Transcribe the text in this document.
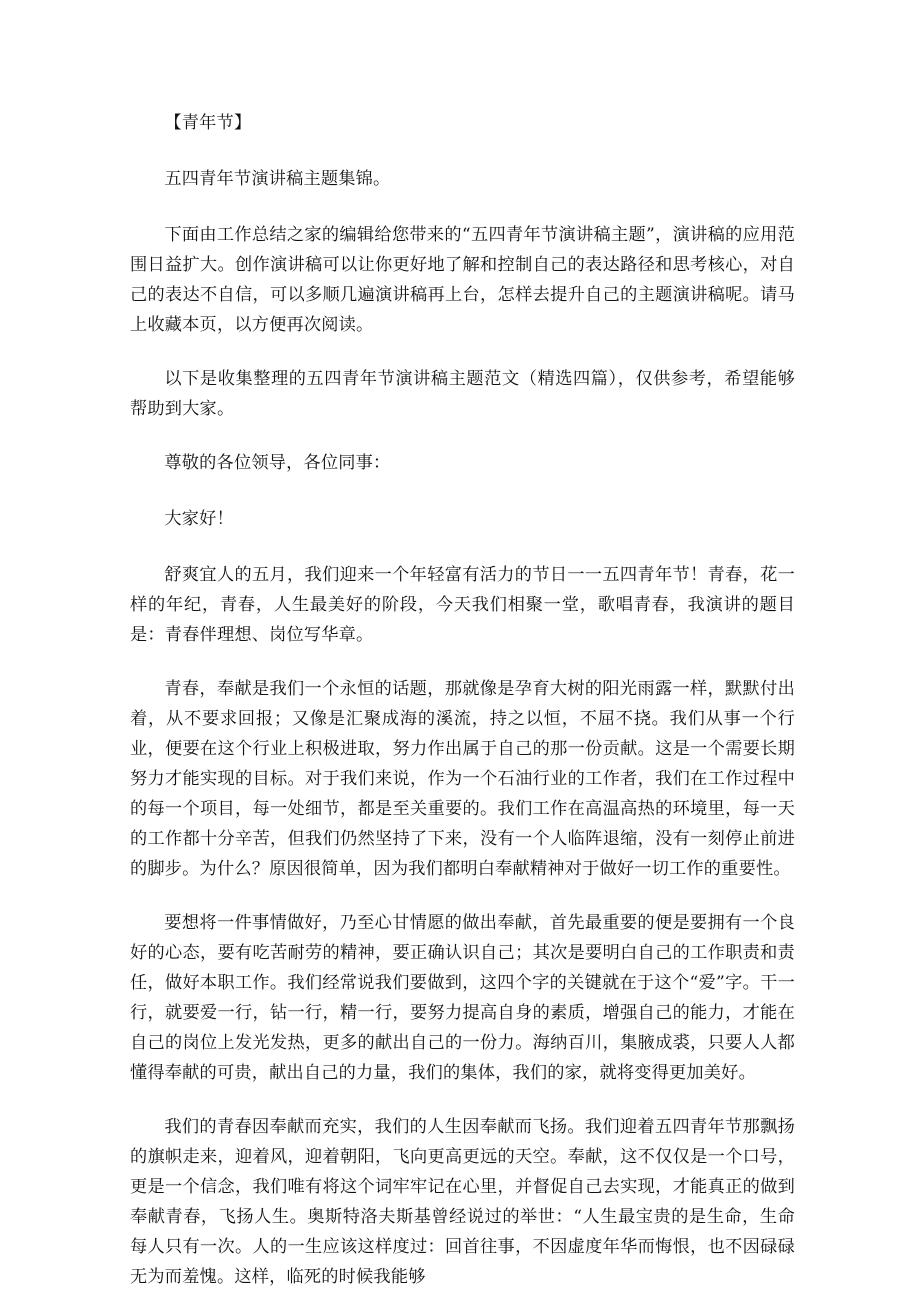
【青年节】

五四青年节演讲稿主题集锦。

下面由工作总结之家的编辑给您带来的“五四青年节演讲稿主题”，演讲稿的应用范围日益扩大。创作演讲稿可以让你更好地了解和控制自己的表达路径和思考核心，对自己的表达不自信，可以多顺几遍演讲稿再上台，怎样去提升自己的主题演讲稿呢。请马上收藏本页，以方便再次阅读。

以下是收集整理的五四青年节演讲稿主题范文（精选四篇），仅供参考，希望能够帮助到大家。

尊敬的各位领导，各位同事：

大家好！

舒爽宜人的五月，我们迎来一个年轻富有活力的节日一一五四青年节！青春，花一样的年纪，青春，人生最美好的阶段，今天我们相聚一堂，歌唱青春，我演讲的题目是：青春伴理想、岗位写华章。

青春，奉献是我们一个永恒的话题，那就像是孕育大树的阳光雨露一样，默默付出着，从不要求回报；又像是汇聚成海的溪流，持之以恒，不屈不挠。我们从事一个行业，便要在这个行业上积极进取，努力作出属于自己的那一份贡献。这是一个需要长期努力才能实现的目标。对于我们来说，作为一个石油行业的工作者，我们在工作过程中的每一个项目，每一处细节，都是至关重要的。我们工作在高温高热的环境里，每一天的工作都十分辛苦，但我们仍然坚持了下来，没有一个人临阵退缩，没有一刻停止前进的脚步。为什么？原因很简单，因为我们都明白奉献精神对于做好一切工作的重要性。

要想将一件事情做好，乃至心甘情愿的做出奉献，首先最重要的便是要拥有一个良好的心态，要有吃苦耐劳的精神，要正确认识自己；其次是要明白自己的工作职责和责任，做好本职工作。我们经常说我们要做到，这四个字的关键就在于这个“爱”字。干一行，就要爱一行，钻一行，精一行，要努力提高自身的素质，增强自己的能力，才能在自己的岗位上发光发热，更多的献出自己的一份力。海纳百川，集腋成裘，只要人人都懂得奉献的可贵，献出自己的力量，我们的集体，我们的家，就将变得更加美好。

我们的青春因奉献而充实，我们的人生因奉献而飞扬。我们迎着五四青年节那飘扬的旗帜走来，迎着风，迎着朝阳，飞向更高更远的天空。奉献，这不仅仅是一个口号，更是一个信念，我们唯有将这个词牢牢记在心里，并督促自己去实现，才能真正的做到奉献青春，飞扬人生。奥斯特洛夫斯基曾经说过的举世：“人生最宝贵的是生命，生命每人只有一次。人的一生应该这样度过：回首往事，不因虚度年华而悔恨，也不因碌碌无为而羞愧。这样，临死的时候我能够
